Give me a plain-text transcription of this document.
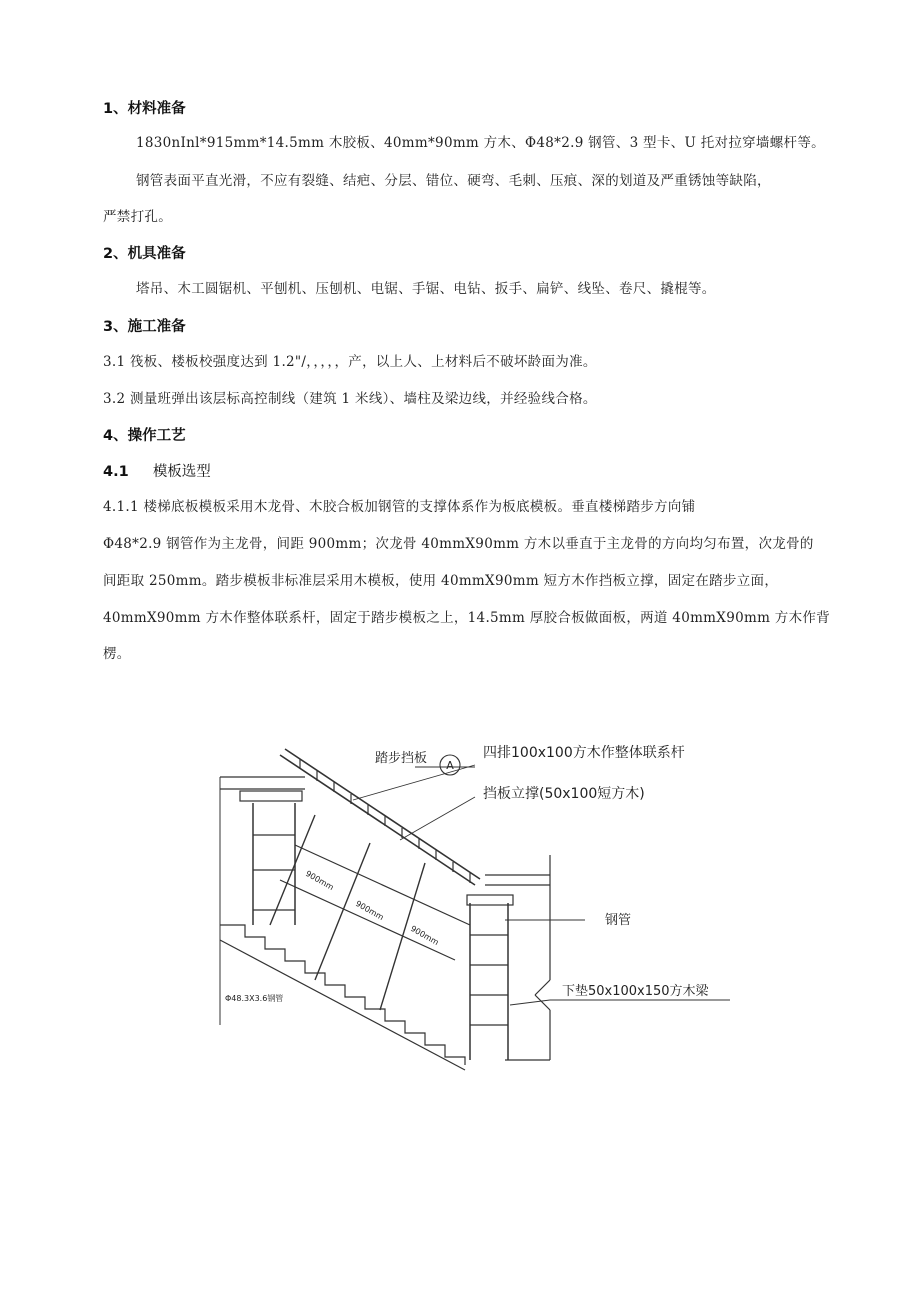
1、材料准备
1830nInl*915mm*14.5mm 木胶板、40mm*90mm 方木、Φ48*2.9 钢管、3 型卡、U 托对拉穿墙螺杆等。
钢管表面平直光滑，不应有裂缝、结疤、分层、错位、硬弯、毛刺、压痕、深的划道及严重锈蚀等缺陷，
严禁打孔。
2、机具准备
塔吊、木工圆锯机、平刨机、压刨机、电锯、手锯、电钻、扳手、扁铲、线坠、卷尺、撬棍等。
3、施工准备
3.1 筏板、楼板校强度达到 1.2"/，，，，，产，以上人、上材料后不破坏龄面为准。
3.2 测量班弹出该层标高控制线（建筑 1 米线）、墙柱及梁边线，并经验线合格。
4、操作工艺
4.1 模板选型
4.1.1 楼梯底板模板采用木龙骨、木胶合板加钢管的支撑体系作为板底模板。垂直楼梯踏步方向铺
Φ48*2.9 钢管作为主龙骨，间距 900mm；次龙骨 40mmX90mm 方木以垂直于主龙骨的方向均匀布置，次龙骨的
间距取 250mm。踏步模板非标准层采用木模板，使用 40mmX90mm 短方木作挡板立撑，固定在踏步立面，
40mmX90mm 方木作整体联系杆，固定于踏步模板之上，14.5mm 厚胶合板做面板，两道 40mmX90mm 方木作背
楞。
A
踏步挡板	四排100x100方木作整体联系杆
挡板立撑(50x100短方木)
钢管
下垫50x100x150方木梁
Φ48.3X3.6钢管
900mm
900mm
900mm
